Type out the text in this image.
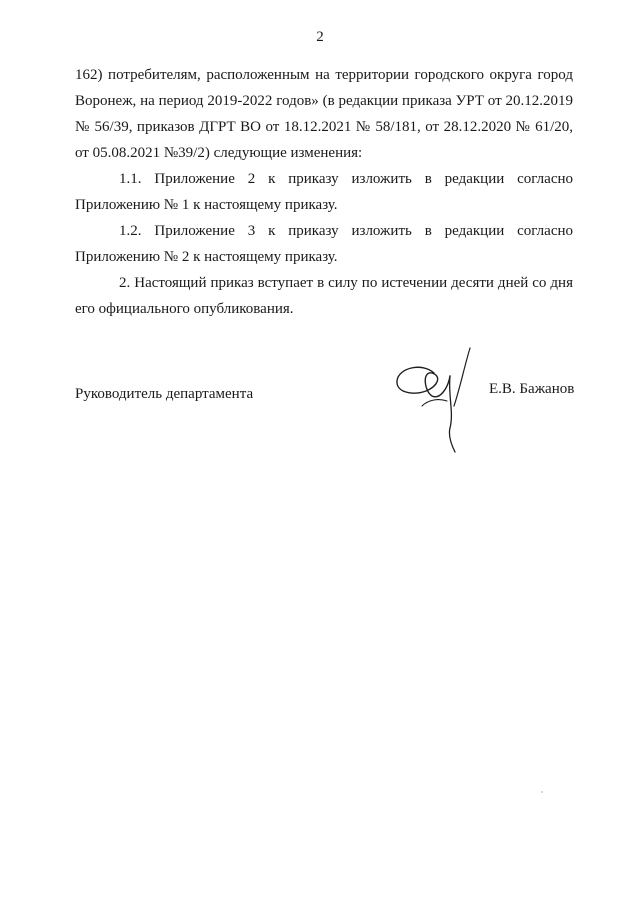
2
162) потребителям, расположенным на территории городского округа город
Воронеж, на период 2019-2022 годов» (в редакции приказа УРТ от 20.12.2019
№ 56/39, приказов ДГРТ ВО от 18.12.2021 № 58/181, от 28.12.2020 № 61/20,
от 05.08.2021 №39/2) следующие изменения:
1.1. Приложение 2 к приказу изложить в редакции согласно
Приложению № 1 к настоящему приказу.
1.2. Приложение 3 к приказу изложить в редакции согласно
Приложению № 2 к настоящему приказу.
2. Настоящий приказ вступает в силу по истечении десяти дней со дня
его официального опубликования.
Руководитель департамента	Е.В. Бажанов
